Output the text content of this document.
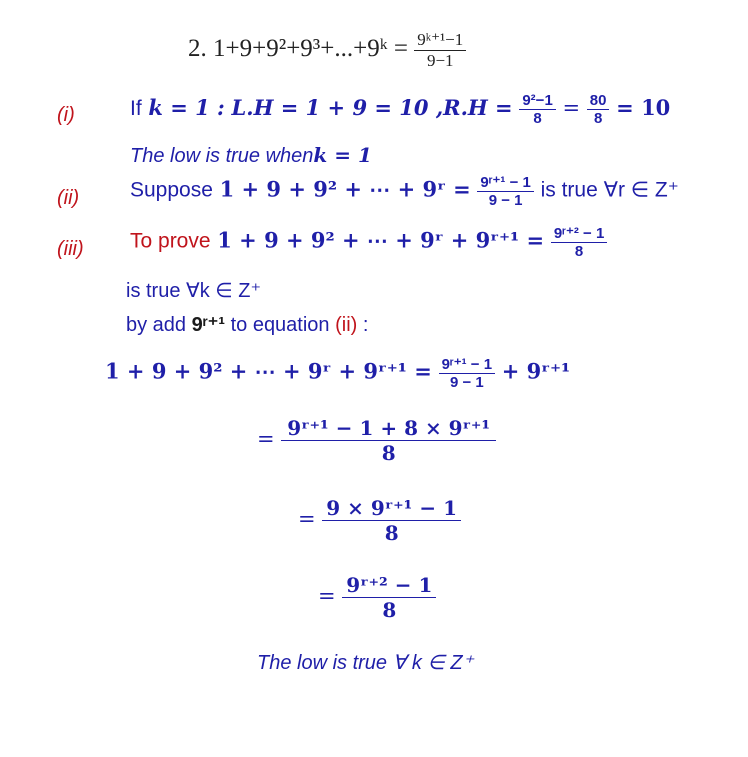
2. 1+9+9²+9³+...+9ᵏ = $\frac{\text{9ᵏ⁺¹−1}}{9-1}$
(i)	If k = 1 : L.H = 1 + 9 = 10 $,R.H = \frac{\text{9²−1}}{8} = \frac{80}{8} = 10$
The low is true whenk = 1
(ii) Suppose 1 + 9 + 9² + ⋯ + 9ʳ = $\frac{\text{9ʳ⁺¹ − 1}}{9 - 1}$ is true ∀r ∈ Z⁺
(iii) To prove 1 + 9 + 9² + ⋯ + 9ʳ + 9ʳ⁺¹ = $\frac{\text{9ʳ⁺² − 1}}{8}$
is true ∀k ∈ Z⁺
by add 9ʳ⁺¹ to equation (ii) :
1 + 9 + 9² + ⋯ + 9ʳ + 9ʳ⁺¹ = $\frac{\text{9ʳ⁺¹ − 1}}{9 - 1}$ + 9ʳ⁺¹
= $\frac{\text{9ʳ⁺¹ − 1 + 8 × 9ʳ⁺¹}}{8}$
= $\frac{\text{9 × 9ʳ⁺¹ − 1}}{8}$
= $\frac{\text{9ʳ⁺² − 1}}{8}$
The low is true ∀ k ∈ Z⁺
